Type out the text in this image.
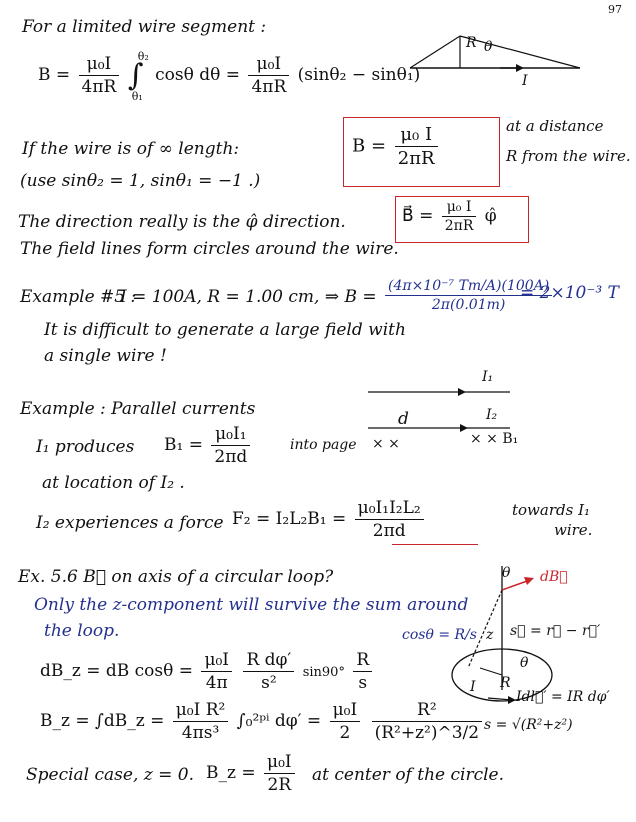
97
For a limited wire segment :
$B = \frac{\text{μ₀I}}{4\pi R}$ ∫
θ₂
θ₁
cosθ $d\theta = \frac{\text{μ₀I}}{4\pi R} (\sin\theta_2 - \sin\theta_1)$
R θ
I
If the wire is of ∞ length:
(use sinθ₂ = 1, sinθ₁ = −1 .)
$B = \frac{\text{μ₀ I}}{2\pi R}$	at a distance
R from the wire.
The direction really is the φ̂ direction.
The field lines form circles around the wire.
B⃗ = $\frac{\text{μ₀ I}}{2\pi R}$ φ̂
Example #5 :
I = 100A, R = 1.00 cm, ⇒ $B = \frac{\text{(4π×10⁻⁷ Tm/A)(100A)}}{2\pi(0.01m)}$
= 2×10⁻³ T
It is difficult to generate a large field with
a single wire !
Example : Parallel currents
I₁
d	I₂
× ×	× × B₁
I₁ produces $B_1 = \frac{\text{μ₀I₁}}{2\pi d}$	into page
at location of I₂ .
I₂ experiences a force $F_2 = I_2L_2B_1 = \frac{\text{μ₀I₁I₂L₂}}{2\pi d}$	towards I₁
wire.
Ex. 5.6 B⃗ on axis of a circular loop?
Only the z-component will survive the sum around
the loop.	cosθ = R/s
dB_z = dB $\cos\theta = \frac{\text{μ₀I}}{4\pi}$
$\frac{\text{R dφ′}}{\text{s²}} \sin 90^\circ \frac{R}{s}$
B_z = ∫dB_z = $\frac{\text{μ₀I R²}}{\text{4πs³}}$ ∫₀²ᵖⁱ $d\varphi' = \frac{\text{μ₀I}}{2}$
$\frac{\text{R²}}{\text{(R²+z²)\textasciicircum{}3/2}}$
θ dB⃗
z s⃗ = r⃗ − r⃗′
I R
θ
Idl⃗′ = IR dφ′
s = √(R²+z²)
Special case, z = 0. B_z = $\frac{\text{μ₀I}}{2R}$ at center of the circle.
